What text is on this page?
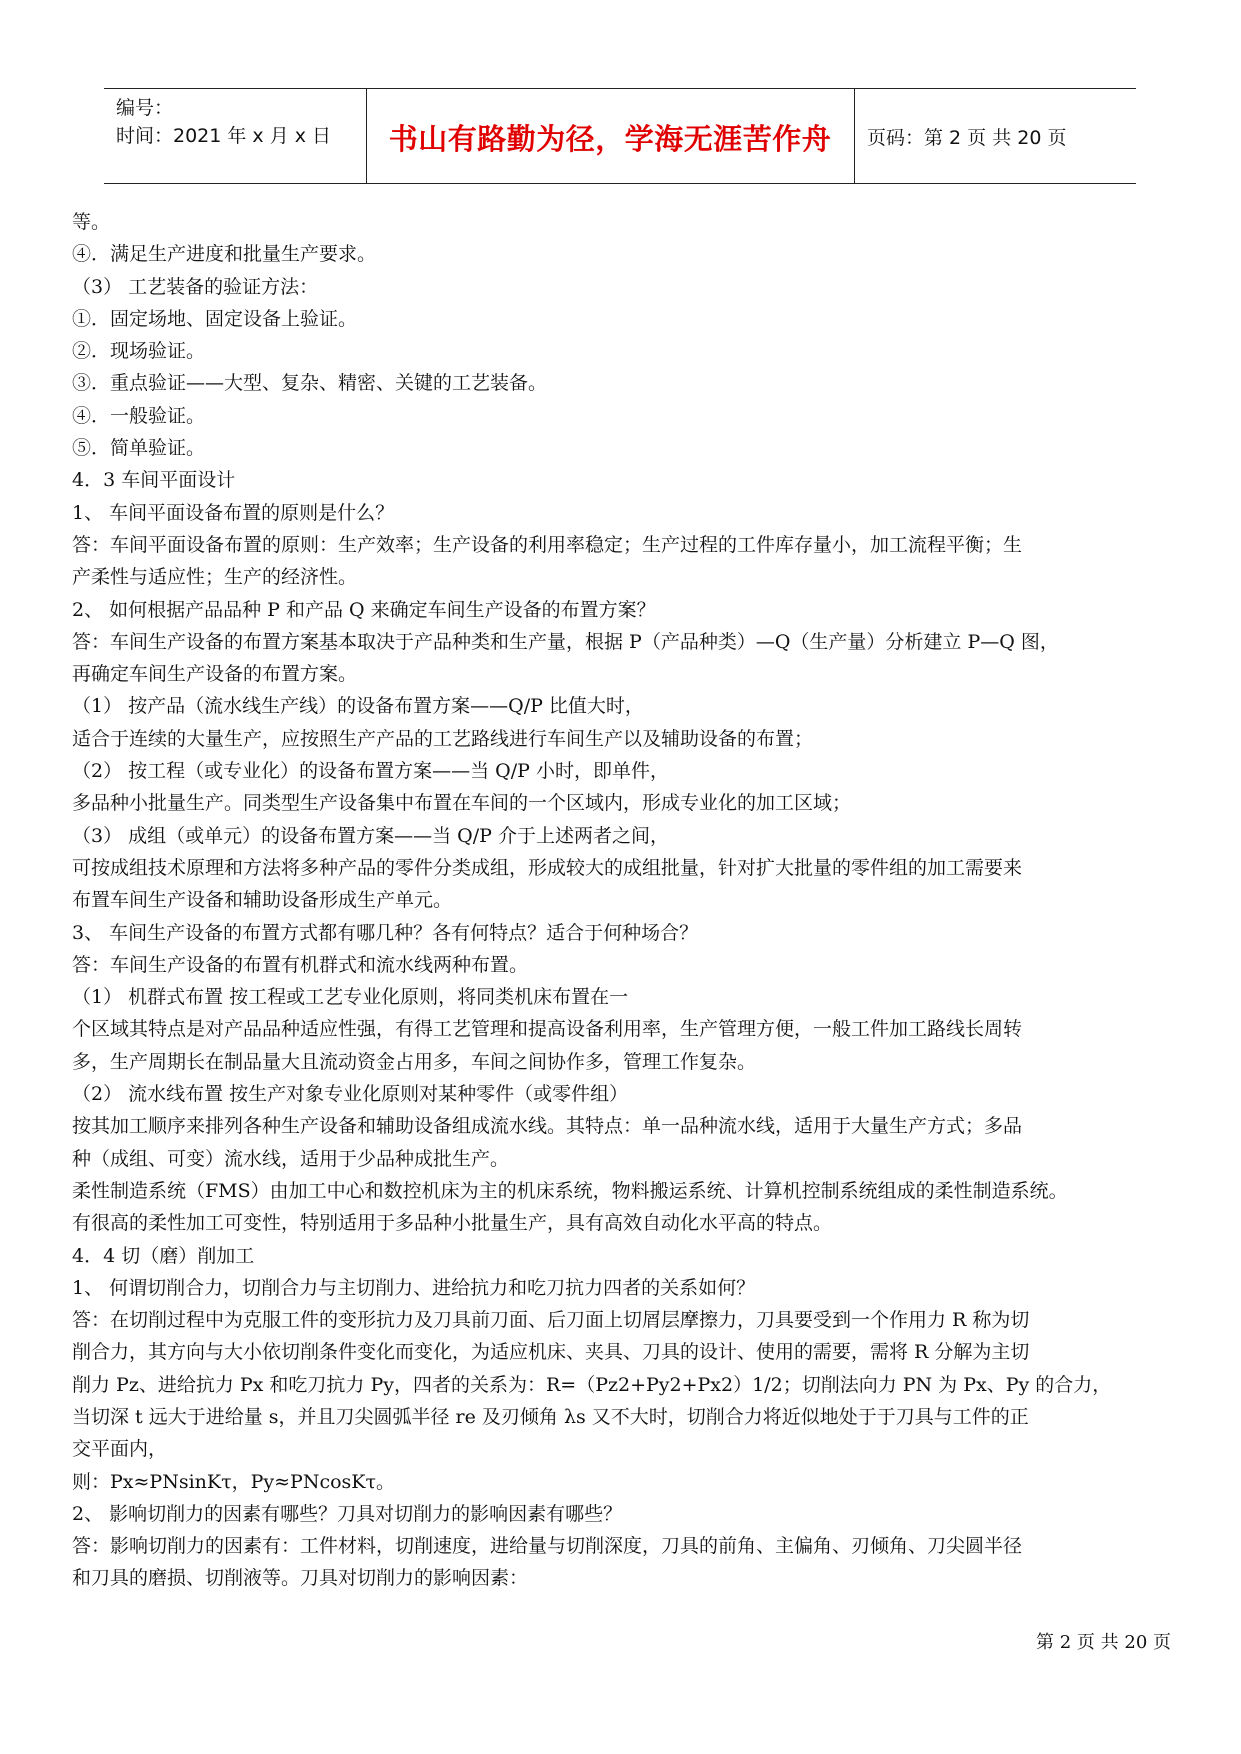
编号：
时间：2021 年 x 月 x 日	书山有路勤为径，学海无涯苦作舟	页码：第 2 页 共 20 页
等。
④．满足生产进度和批量生产要求。
（3） 工艺装备的验证方法：
①．固定场地、固定设备上验证。
②．现场验证。
③．重点验证——大型、复杂、精密、关键的工艺装备。
④．一般验证。
⑤．简单验证。
4．3 车间平面设计
1、 车间平面设备布置的原则是什么？
答：车间平面设备布置的原则：生产效率；生产设备的利用率稳定；生产过程的工件库存量小，加工流程平衡；生
产柔性与适应性；生产的经济性。
2、 如何根据产品品种 P 和产品 Q 来确定车间生产设备的布置方案？
答：车间生产设备的布置方案基本取决于产品种类和生产量，根据 P（产品种类）—Q（生产量）分析建立 P—Q 图，
再确定车间生产设备的布置方案。
（1） 按产品（流水线生产线）的设备布置方案——Q/P 比值大时，
适合于连续的大量生产，应按照生产产品的工艺路线进行车间生产以及辅助设备的布置；
（2） 按工程（或专业化）的设备布置方案——当 Q/P 小时，即单件，
多品种小批量生产。同类型生产设备集中布置在车间的一个区域内，形成专业化的加工区域；
（3） 成组（或单元）的设备布置方案——当 Q/P 介于上述两者之间，
可按成组技术原理和方法将多种产品的零件分类成组，形成较大的成组批量，针对扩大批量的零件组的加工需要来
布置车间生产设备和辅助设备形成生产单元。
3、 车间生产设备的布置方式都有哪几种？各有何特点？适合于何种场合？
答：车间生产设备的布置有机群式和流水线两种布置。
（1） 机群式布置 按工程或工艺专业化原则，将同类机床布置在一
个区域其特点是对产品品种适应性强，有得工艺管理和提高设备利用率，生产管理方便，一般工件加工路线长周转
多，生产周期长在制品量大且流动资金占用多，车间之间协作多，管理工作复杂。
（2） 流水线布置 按生产对象专业化原则对某种零件（或零件组）
按其加工顺序来排列各种生产设备和辅助设备组成流水线。其特点：单一品种流水线，适用于大量生产方式；多品
种（成组、可变）流水线，适用于少品种成批生产。
柔性制造系统（FMS）由加工中心和数控机床为主的机床系统，物料搬运系统、计算机控制系统组成的柔性制造系统。
有很高的柔性加工可变性，特别适用于多品种小批量生产，具有高效自动化水平高的特点。
4．4 切（磨）削加工
1、 何谓切削合力，切削合力与主切削力、进给抗力和吃刀抗力四者的关系如何？
答：在切削过程中为克服工件的变形抗力及刀具前刀面、后刀面上切屑层摩擦力，刀具要受到一个作用力 R 称为切
削合力，其方向与大小依切削条件变化而变化，为适应机床、夹具、刀具的设计、使用的需要，需将 R 分解为主切
削力 Pz、进给抗力 Px 和吃刀抗力 Py，四者的关系为：R=（Pz2+Py2+Px2）1/2；切削法向力 PN 为 Px、Py 的合力，
当切深 t 远大于进给量 s，并且刀尖圆弧半径 re 及刃倾角 λs 又不大时，切削合力将近似地处于于刀具与工件的正
交平面内，
则：Px≈PNsinKτ，Py≈PNcosKτ。
2、 影响切削力的因素有哪些？刀具对切削力的影响因素有哪些？
答：影响切削力的因素有：工件材料，切削速度，进给量与切削深度，刀具的前角、主偏角、刃倾角、刀尖圆半径
和刀具的磨损、切削液等。刀具对切削力的影响因素：
第 2 页 共 20 页
